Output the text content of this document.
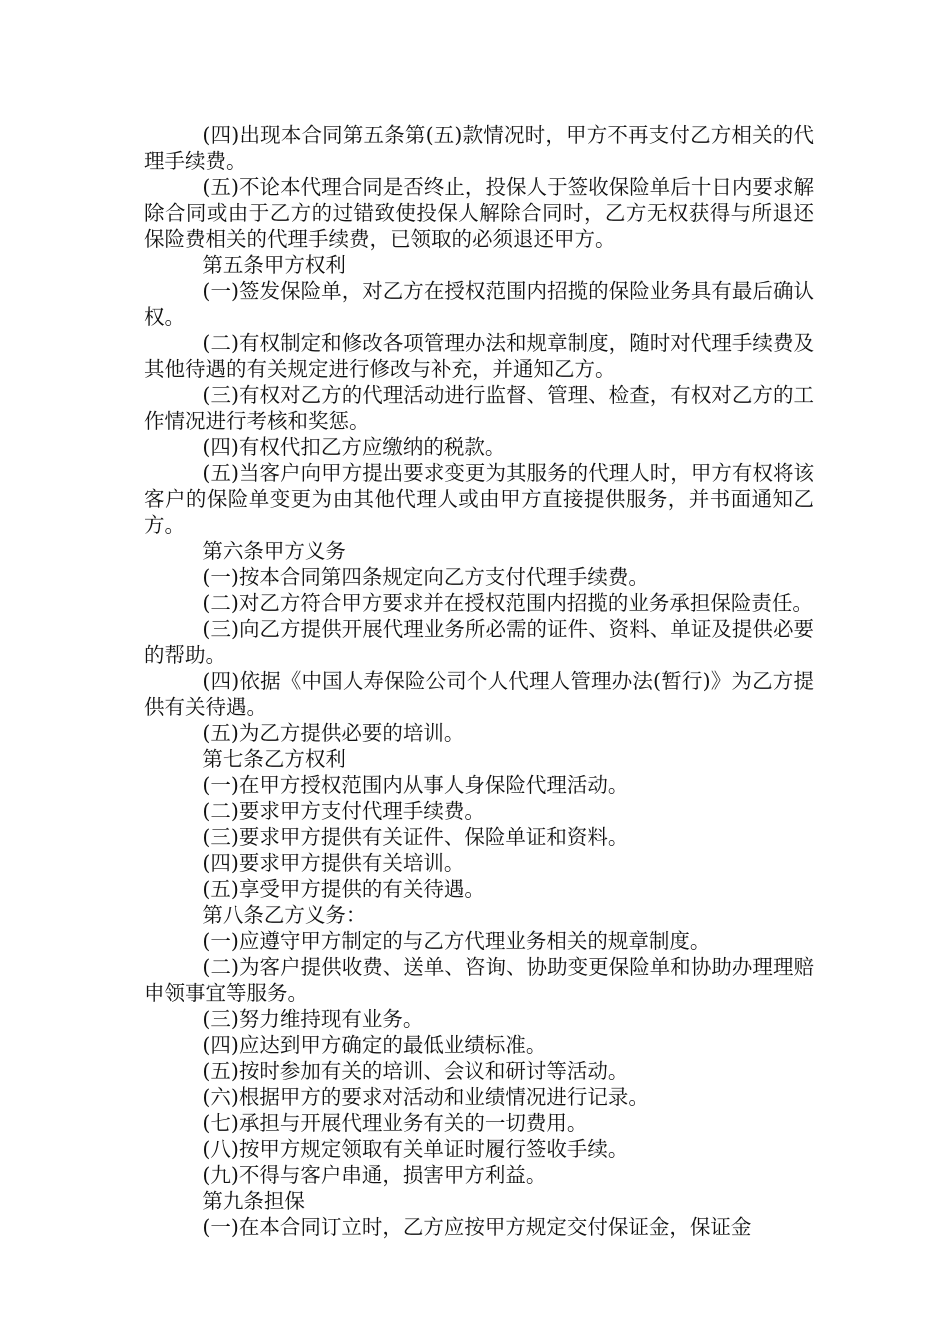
(四)出现本合同第五条第(五)款情况时，甲方不再支付乙方相关的代理手续费。

(五)不论本代理合同是否终止，投保人于签收保险单后十日内要求解除合同或由于乙方的过错致使投保人解除合同时，乙方无权获得与所退还保险费相关的代理手续费，已领取的必须退还甲方。

第五条甲方权利

(一)签发保险单，对乙方在授权范围内招揽的保险业务具有最后确认权。

(二)有权制定和修改各项管理办法和规章制度，随时对代理手续费及其他待遇的有关规定进行修改与补充，并通知乙方。

(三)有权对乙方的代理活动进行监督、管理、检查，有权对乙方的工作情况进行考核和奖惩。

(四)有权代扣乙方应缴纳的税款。

(五)当客户向甲方提出要求变更为其服务的代理人时，甲方有权将该客户的保险单变更为由其他代理人或由甲方直接提供服务，并书面通知乙方。

第六条甲方义务

(一)按本合同第四条规定向乙方支付代理手续费。

(二)对乙方符合甲方要求并在授权范围内招揽的业务承担保险责任。

(三)向乙方提供开展代理业务所必需的证件、资料、单证及提供必要的帮助。

(四)依据《中国人寿保险公司个人代理人管理办法(暂行)》为乙方提供有关待遇。

(五)为乙方提供必要的培训。

第七条乙方权利

(一)在甲方授权范围内从事人身保险代理活动。

(二)要求甲方支付代理手续费。

(三)要求甲方提供有关证件、保险单证和资料。

(四)要求甲方提供有关培训。

(五)享受甲方提供的有关待遇。

第八条乙方义务：

(一)应遵守甲方制定的与乙方代理业务相关的规章制度。

(二)为客户提供收费、送单、咨询、协助变更保险单和协助办理理赔申领事宜等服务。

(三)努力维持现有业务。

(四)应达到甲方确定的最低业绩标准。

(五)按时参加有关的培训、会议和研讨等活动。

(六)根据甲方的要求对活动和业绩情况进行记录。

(七)承担与开展代理业务有关的一切费用。

(八)按甲方规定领取有关单证时履行签收手续。

(九)不得与客户串通，损害甲方利益。

第九条担保

(一)在本合同订立时，乙方应按甲方规定交付保证金，保证金
